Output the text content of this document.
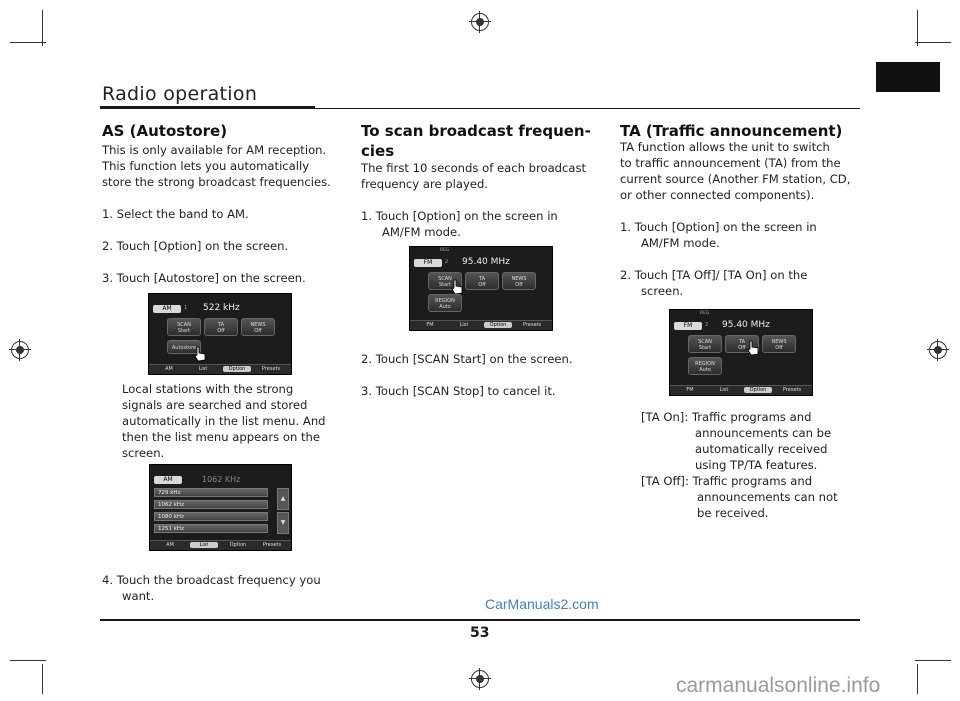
Radio operation
AS (Autostore)
This is only available for AM reception.
This function lets you automatically
store the strong broadcast frequencies.
1. Select the band to AM.
2. Touch [Option] on the screen.
3. Touch [Autostore] on the screen.
AM	1 522 kHz
SCAN
Start
TA
Off
NEWS
Off
Autostore
AM	List	Option	Presets
Local stations with the strong
signals are searched and stored
automatically in the list menu. And
then the list menu appears on the
screen.
AM	1062 KHz
729 kHz
1062 kHz
1080 kHz
1251 kHz
▲
▼
AM	List	Option	Presets
4. Touch the broadcast frequency you
want.
To scan broadcast frequen-
cies
The first 10 seconds of each broadcast
frequency are played.
1. Touch [Option] on the screen in
AM/FM mode.
REG
FM	2 95.40 MHz
SCAN
Start
TA
Off
NEWS
Off
REGION
Auto
FM	List	Option	Presets
2. Touch [SCAN Start] on the screen.
3. Touch [SCAN Stop] to cancel it.
TA (Traffic announcement)
TA function allows the unit to switch
to traffic announcement (TA) from the
current source (Another FM station, CD,
or other connected components).
1. Touch [Option] on the screen in
AM/FM mode.
2. Touch [TA Off]/ [TA On] on the
screen.
REG
FM	2 95.40 MHz
SCAN
Start
TA
Off
NEWS
Off
REGION
Auto
FM	List	Option	Presets
[TA On]: Traffic programs and
announcements can be
automatically received
using TP/TA features.
[TA Off]: Traffic programs and
announcements can not
be received.
CarManuals2.com
53
carmanualsonline.info
